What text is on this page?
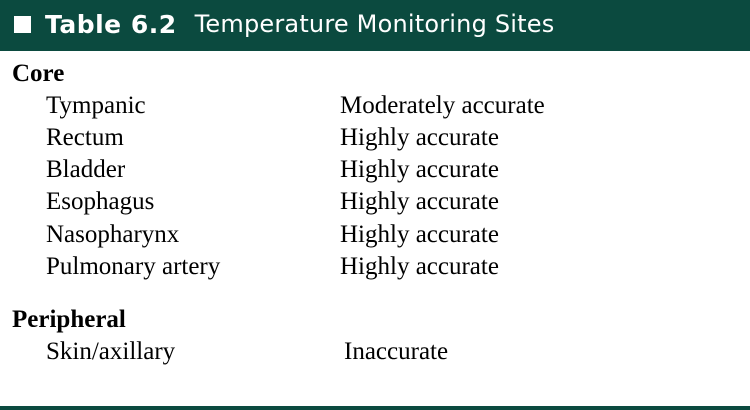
Table 6.2 Temperature Monitoring Sites
Core
Tympanic	Moderately accurate
Rectum	Highly accurate
Bladder	Highly accurate
Esophagus	Highly accurate
Nasopharynx	Highly accurate
Pulmonary artery	Highly accurate
Peripheral
Skin/axillary	Inaccurate
